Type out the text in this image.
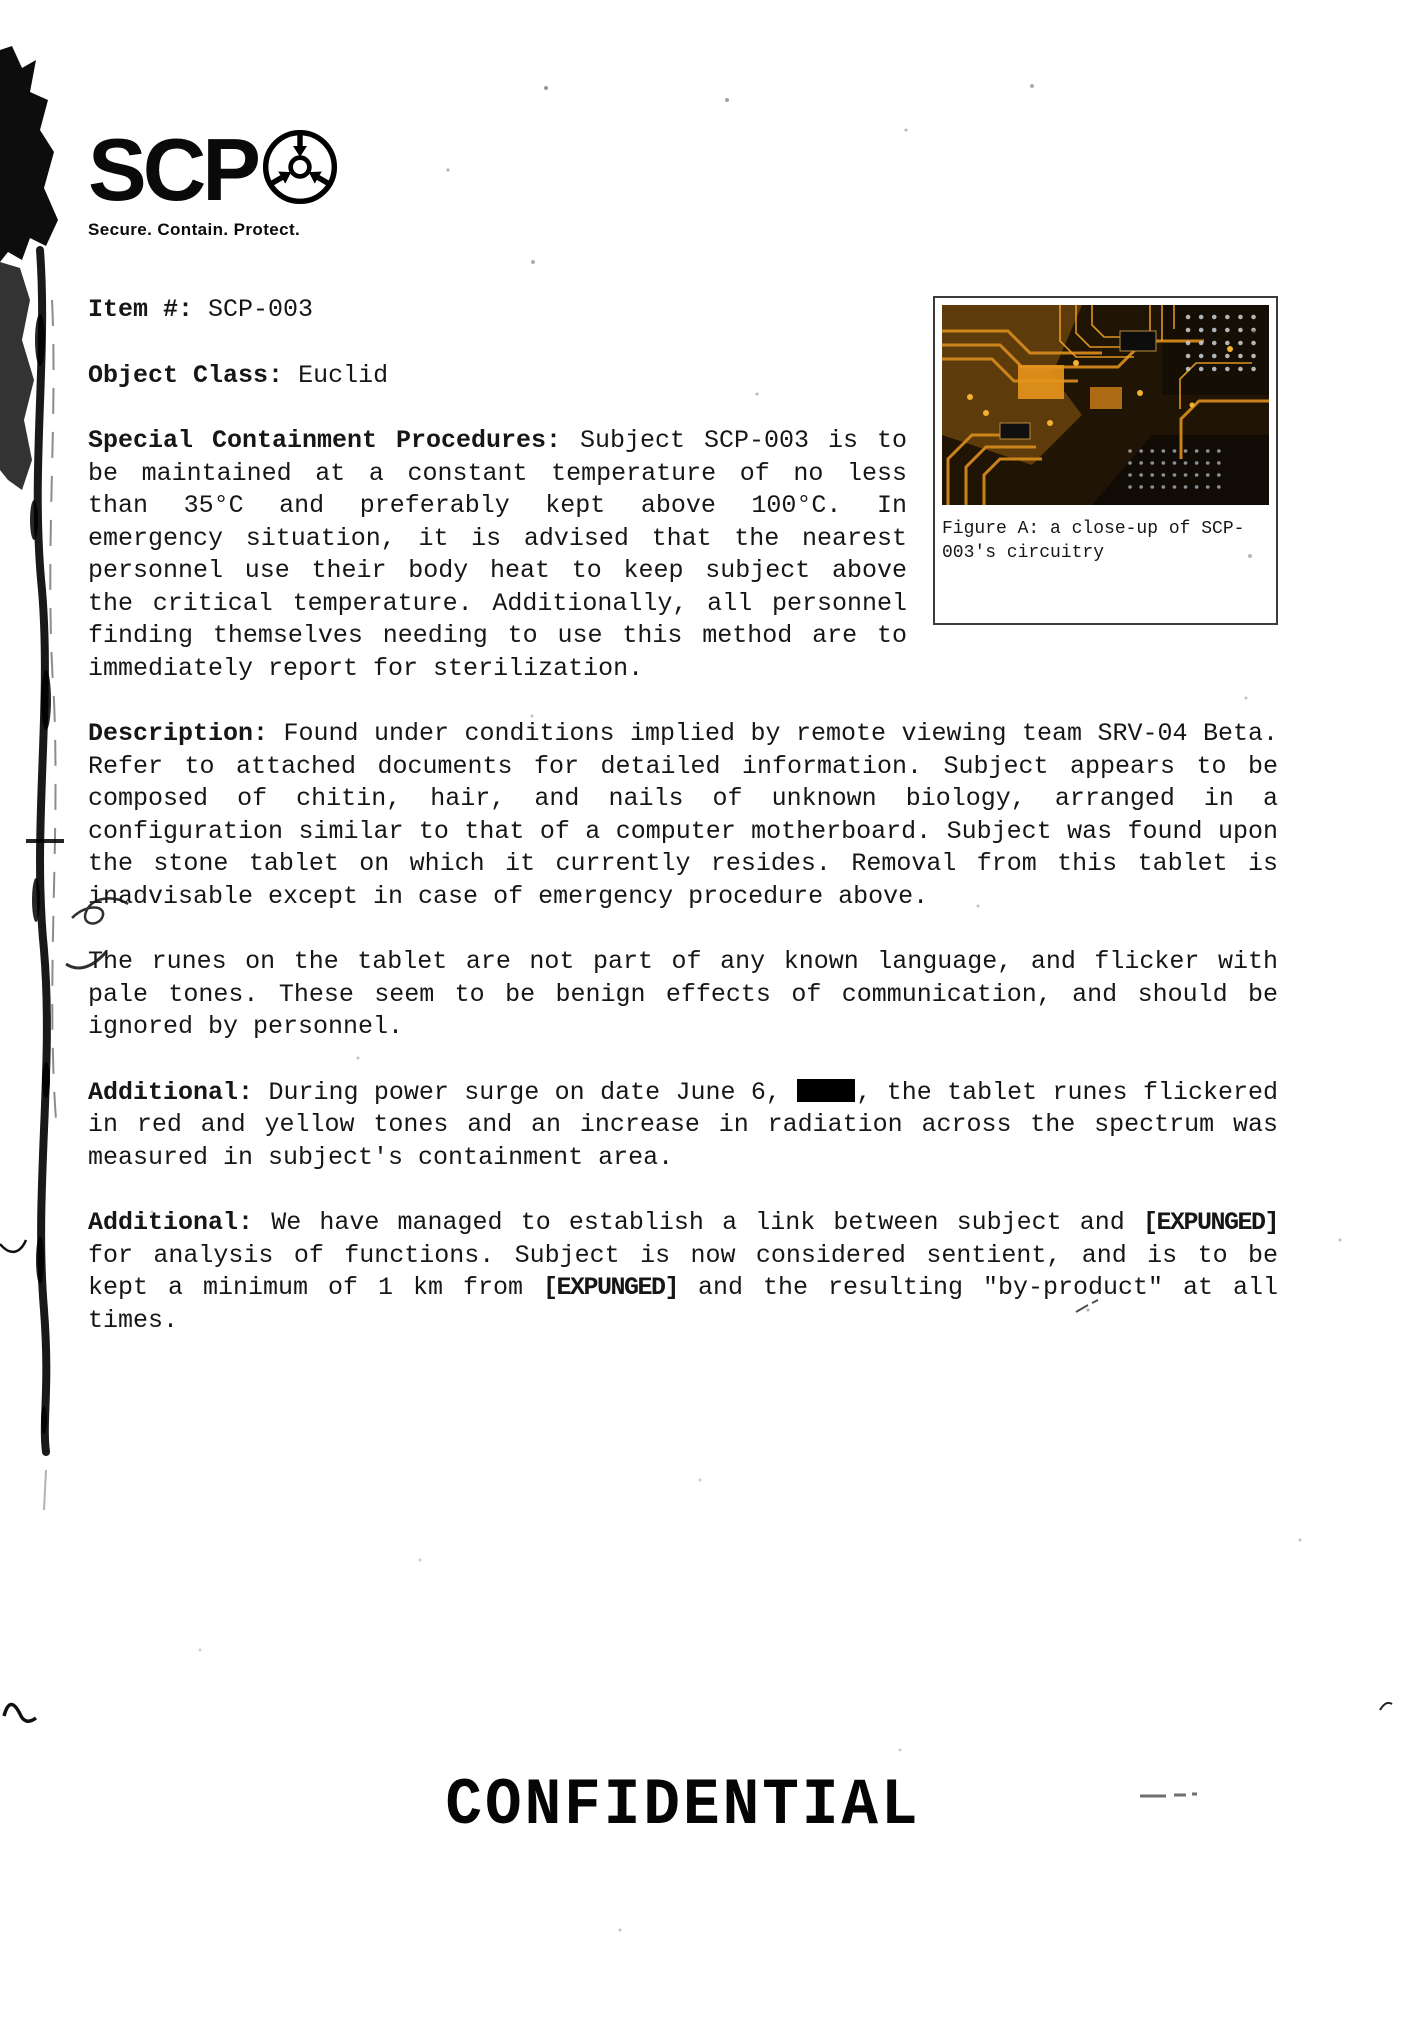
SCP
Secure. Contain. Protect.
Figure A: a close-up of SCP-003's circuitry

Item #: SCP-003

Object Class: Euclid

Special Containment Procedures: Subject SCP-003 is to be maintained at a constant temperature of no less than 35°C and preferably kept above 100°C. In emergency situation, it is advised that the nearest personnel use their body heat to keep subject above the critical temperature. Additionally, all personnel finding themselves needing to use this method are to immediately report for sterilization.

Description: Found under conditions implied by remote viewing team SRV-04 Beta. Refer to attached documents for detailed information. Subject appears to be composed of chitin, hair, and nails of unknown biology, arranged in a configuration similar to that of a computer motherboard. Subject was found upon the stone tablet on which it currently resides. Removal from this tablet is inadvisable except in case of emergency procedure above.

The runes on the tablet are not part of any known language, and flicker with pale tones. These seem to be benign effects of communication, and should be ignored by personnel.

Additional: During power surge on date June 6, , the tablet runes flickered in red and yellow tones and an increase in radiation across the spectrum was measured in subject's containment area.

Additional: We have managed to establish a link between subject and [EXPUNGED] for analysis of functions. Subject is now considered sentient, and is to be kept a minimum of 1 km from [EXPUNGED] and the resulting "by-product" at all times.

CONFIDENTIAL
